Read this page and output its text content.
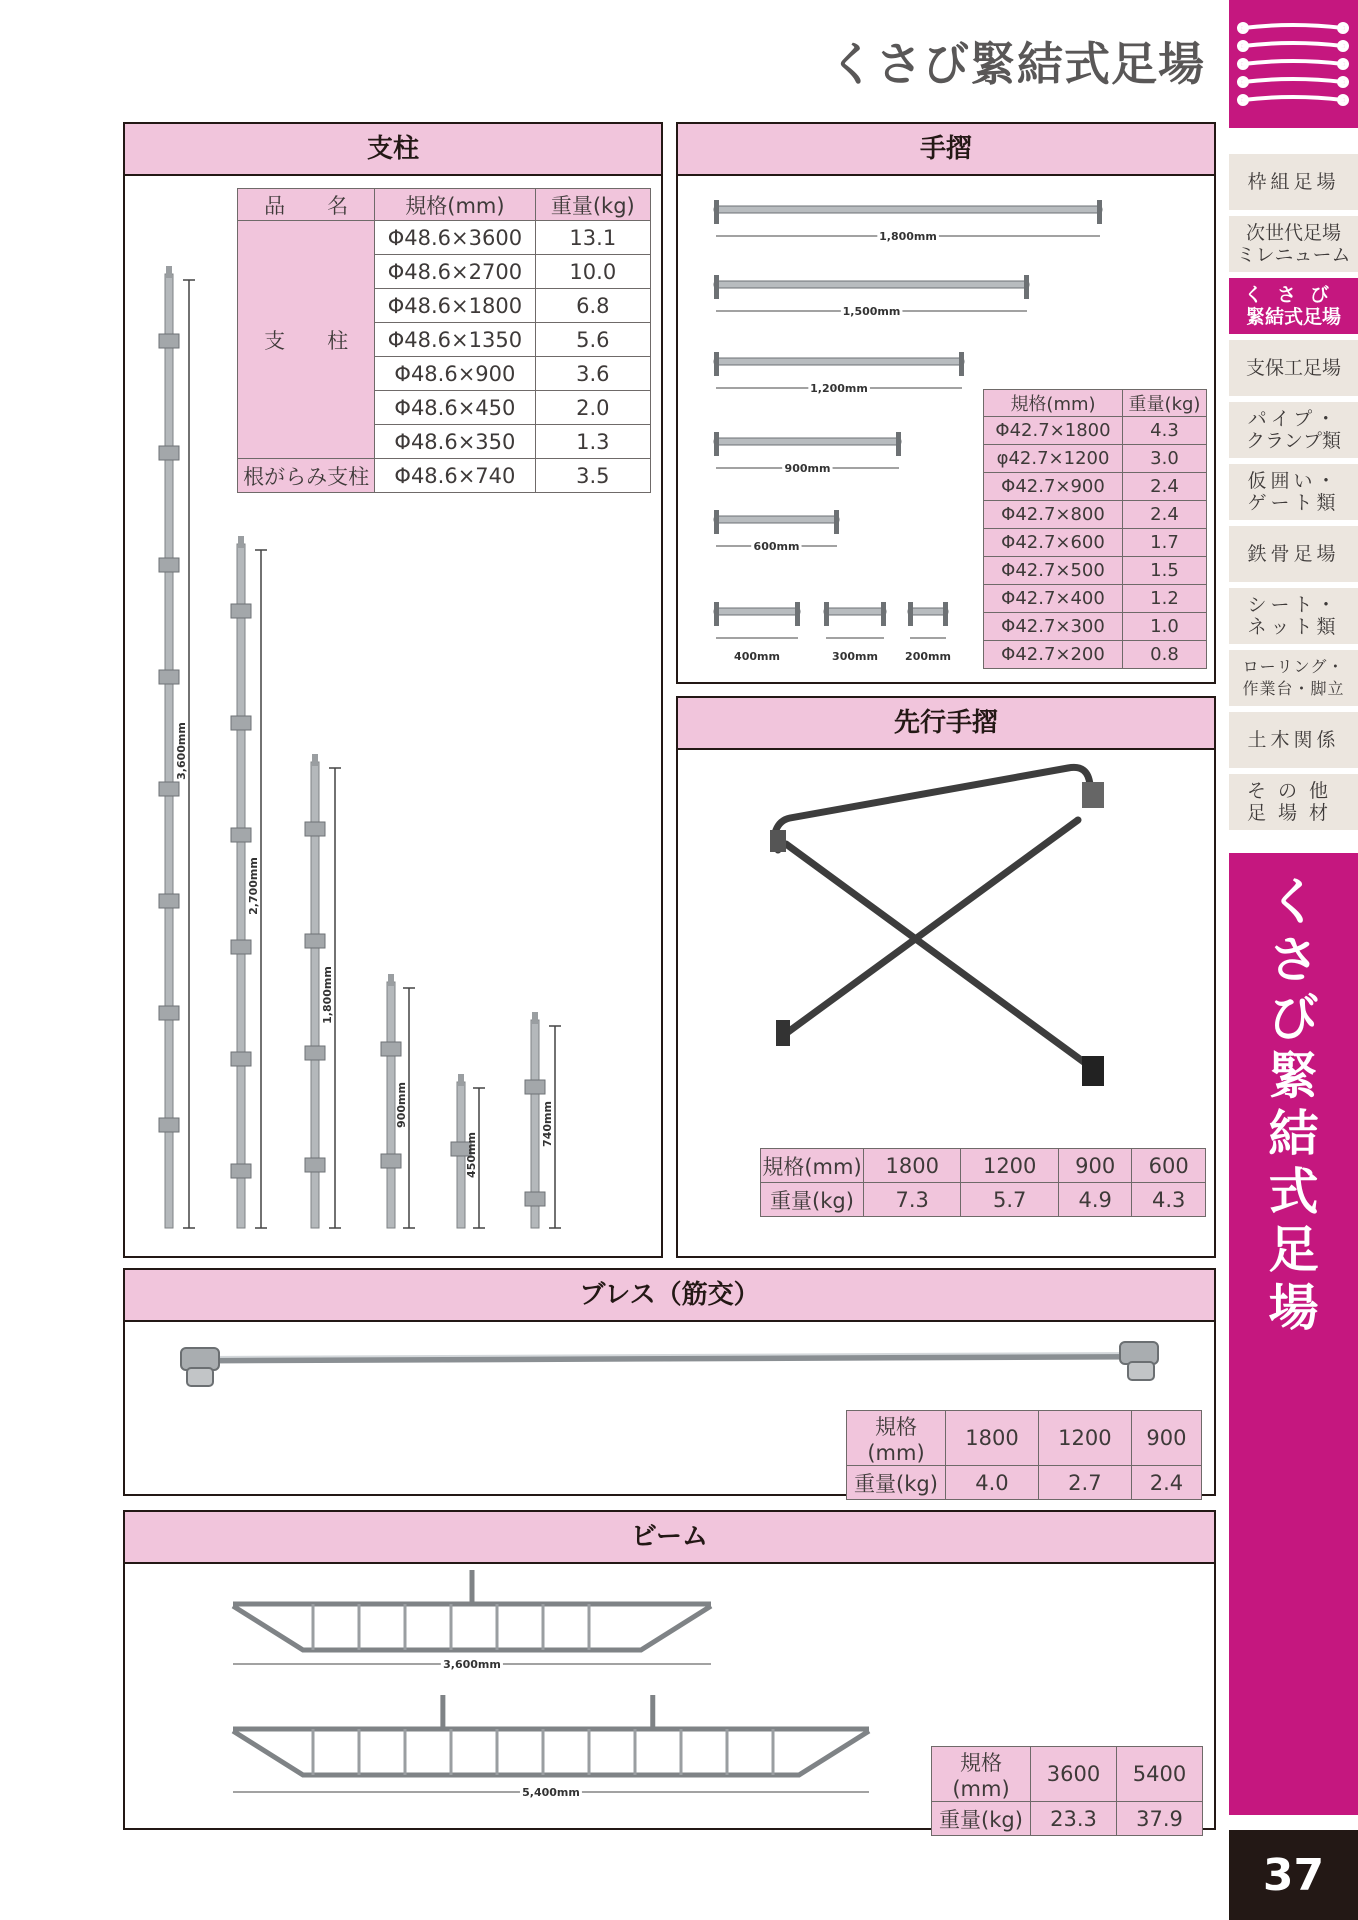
くさび緊結式足場
枠組足場
次世代足場
ミレニューム
くさび
緊結式足場
支保工足場
パイプ・
クランプ類
仮囲い・
ゲート類
鉄骨足場
シート・
ネット類
ローリング・
作業台・脚立
土木関係
その他
足場材
く
さ
び
緊
結
式
足
場
37
支柱
品　　名	規格(mm)	重量(kg)
支　　柱	Φ48.6×3600	13.1
	Φ48.6×2700	10.0
	Φ48.6×1800	6.8
	Φ48.6×1350	5.6
	Φ48.6×900	3.6
	Φ48.6×450	2.0
	Φ48.6×350	1.3
根がらみ支柱	Φ48.6×740	3.5
3,600mm
2,700mm
1,800mm
900mm
450mm
740mm
手摺
1,800mm
1,500mm
1,200mm
900mm
600mm
400mm	300mm 200mm
規格(mm)	重量(kg)
Φ42.7×1800	4.3
φ42.7×1200	3.0
Φ42.7×900	2.4
Φ42.7×800	2.4
Φ42.7×600	1.7
Φ42.7×500	1.5
Φ42.7×400	1.2
Φ42.7×300	1.0
Φ42.7×200	0.8
先行手摺
規格(mm)	1800	1200	900	600
重量(kg)	7.3	5.7	4.9	4.3
ブレス（筋交）
規格(mm)	1800	1200	900
重量(kg)	4.0	2.7	2.4
ビーム
3,600mm
5,400mm
規格(mm)	3600	5400
重量(kg)	23.3	37.9
